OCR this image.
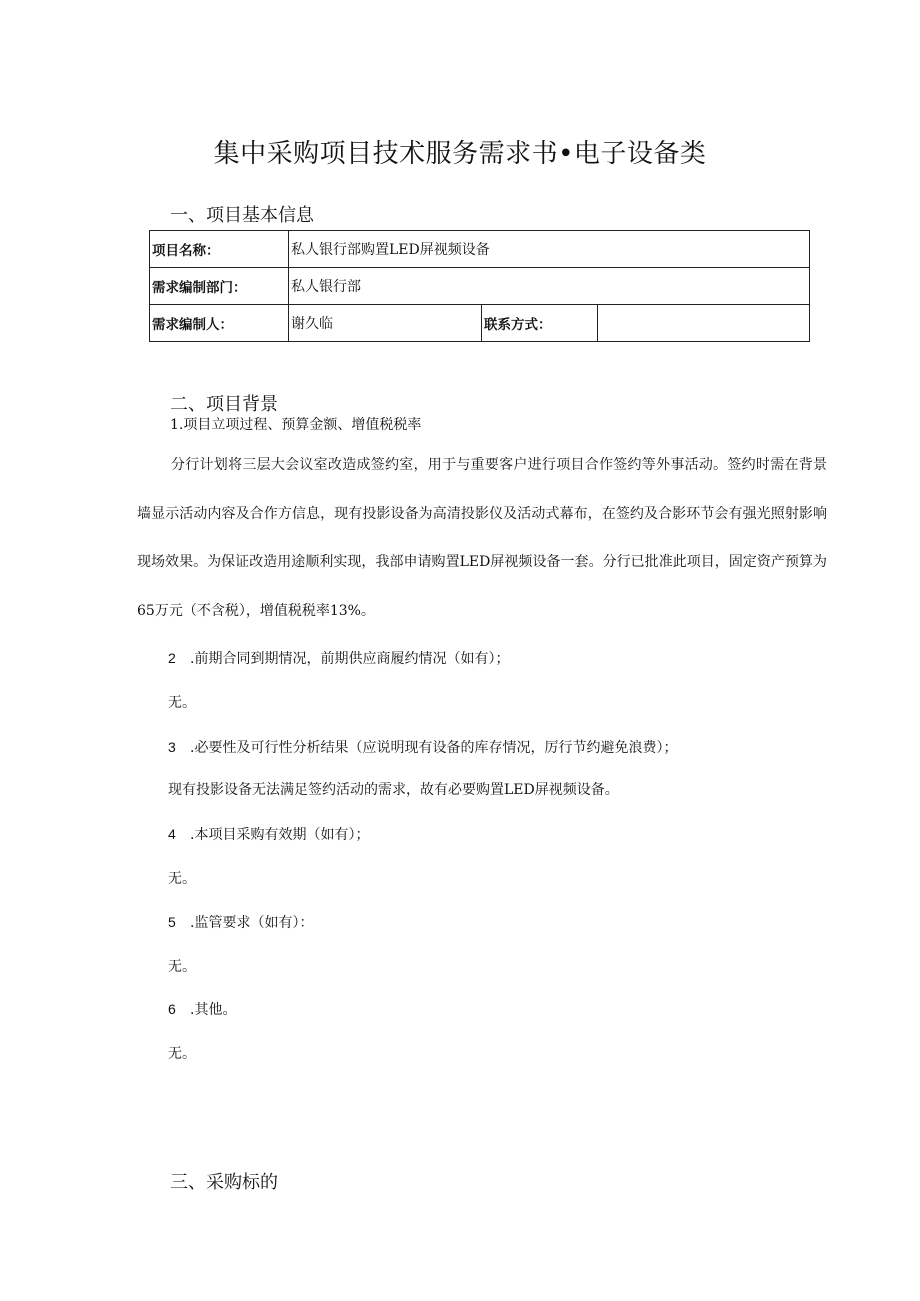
集中采购项目技术服务需求书•电子设备类
一、项目基本信息
项目名称：	私人银行部购置LED屏视频设备		
需求编制部门：	私人银行部		
需求编制人：	谢久临	联系方式：	
二、项目背景
1.项目立项过程、预算金额、增值税税率

分行计划将三层大会议室改造成签约室，用于与重要客户进行项目合作签约等外事活动。签约时需在背景墙显示活动内容及合作方信息，现有投影设备为高清投影仪及活动式幕布，在签约及合影环节会有强光照射影响现场效果。为保证改造用途顺利实现，我部申请购置LED屏视频设备一套。分行已批准此项目，固定资产预算为65万元（不含税），增值税税率13%。

2 .前期合同到期情况，前期供应商履约情况（如有）；
无。
3 .必要性及可行性分析结果（应说明现有设备的库存情况，厉行节约避免浪费）；
现有投影设备无法满足签约活动的需求，故有必要购置LED屏视频设备。
4 .本项目采购有效期（如有）；
无。
5 .监管要求（如有）：
无。
6 .其他。
无。
三、采购标的
